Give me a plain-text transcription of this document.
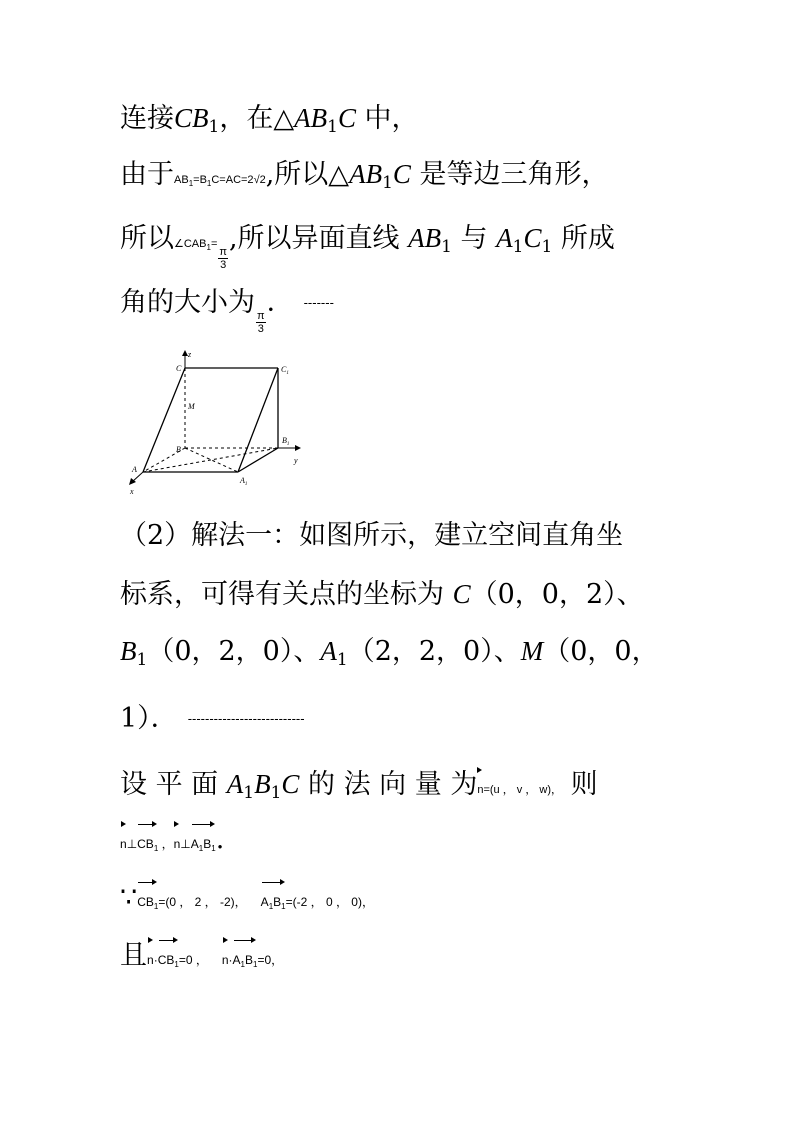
连接$CB_1$，在$\triangle AB_1C$ 中，
由于$AB_1=B_1C=AC=2√2$,所以$\triangle AB_1C$ 是等边三角形，
所以$\angle CAB_1=$
$\frac{\pi}{3}$
,所以异面直线 $AB_1$ 与 $A_1C_1$ 所成
角的大小为
$\frac{\pi}{3}$
． -------
z
C	$C_1$
M
B
$B_1$
y
A
$A_1$
x
（2）解法一：如图所示，建立空间直角坐
标系，可得有关点的坐标为 C（0，0，2）、
$B_1(0$，2，0）、$A_1(2$，2，0）、M（0，0，
1）． ---------------------------
设 平 面 $A_1B_1C$ 的 法 向 量 为n=(u ， v ， w)， 则
$n\perp CB_1$ ，$n\perp A_1B_1$.
$\because CB_1=(0$ ， 2 ， -2)， $A_1B_1=(-2$ ， 0 ， 0)，
且$n\cdot CB_1=0$ ， $n\cdot A_1B_1=0$，
